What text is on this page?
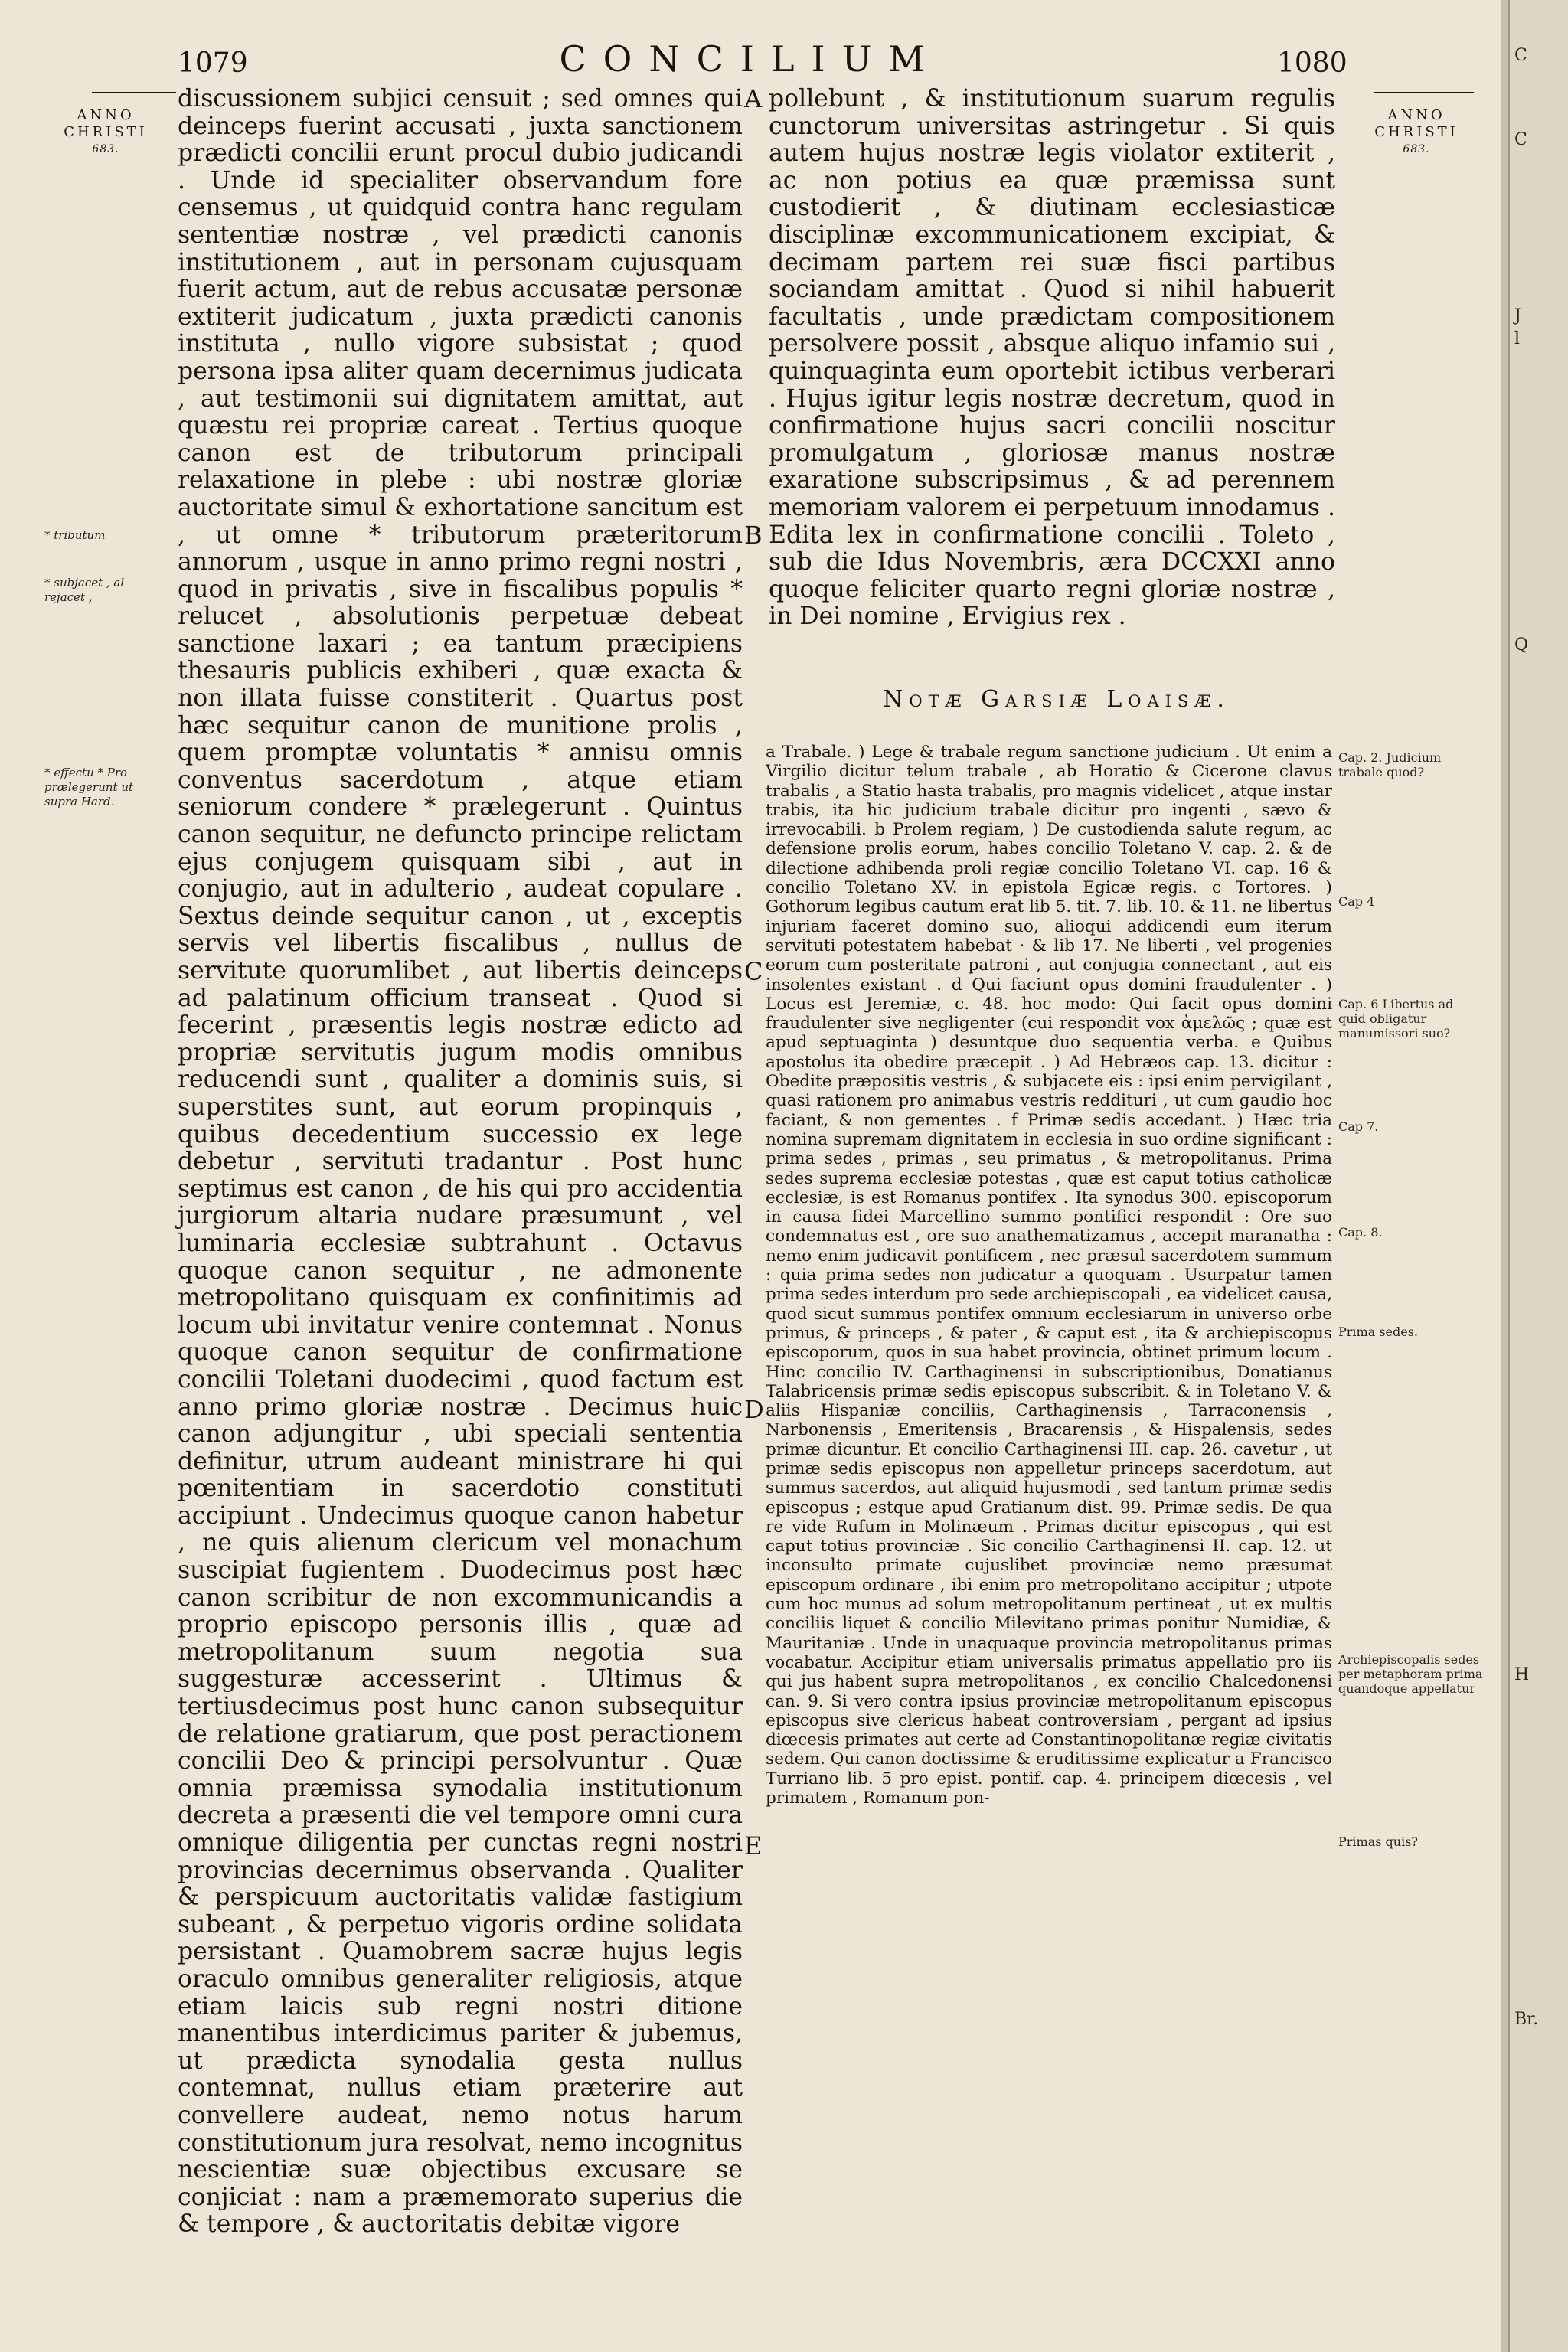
1079	CONCILIUM	1080
ANNO CHRISTI
683.
ANNO CHRISTI
683.

discussionem subjici censuit ; sed omnes qui deinceps fuerint accusati , juxta sanctionem prædicti concilii erunt procul dubio judicandi . Unde id specialiter observandum fore censemus , ut quidquid contra hanc regulam sententiæ nostræ , vel prædicti canonis institutionem , aut in personam cujusquam fuerit actum, aut de rebus accusatæ personæ extiterit judicatum , juxta prædicti canonis instituta , nullo vigore subsistat ; quod persona ipsa aliter quam decernimus judicata , aut testimonii sui dignitatem amittat, aut quæstu rei propriæ careat . Tertius quoque canon est de tributorum principali relaxatione in plebe : ubi nostræ gloriæ auctoritate simul & exhortatione sancitum est , ut omne * tributorum præteritorum annorum , usque in anno primo regni nostri , quod in privatis , sive in fiscalibus populis * relucet , absolutionis perpetuæ debeat sanctione laxari ; ea tantum præcipiens thesauris publicis exhiberi , quæ exacta & non illata fuisse constiterit . Quartus post hæc sequitur canon de munitione prolis , quem promptæ voluntatis * annisu omnis conventus sacerdotum , atque etiam seniorum condere * prælegerunt . Quintus canon sequitur, ne defuncto principe relictam ejus conjugem quisquam sibi , aut in conjugio, aut in adulterio , audeat copulare . Sextus deinde sequitur canon , ut , exceptis servis vel libertis fiscalibus , nullus de servitute quorumlibet , aut libertis deinceps ad palatinum officium transeat . Quod si fecerint , præsentis legis nostræ edicto ad propriæ servitutis jugum modis omnibus reducendi sunt , qualiter a dominis suis, si superstites sunt, aut eorum propinquis , quibus decedentium successio ex lege debetur , servituti tradantur . Post hunc septimus est canon , de his qui pro accidentia jurgiorum altaria nudare præsumunt , vel luminaria ecclesiæ subtrahunt . Octavus quoque canon sequitur , ne admonente metropolitano quisquam ex confinitimis ad locum ubi invitatur venire contemnat . Nonus quoque canon sequitur de confirmatione concilii Toletani duodecimi , quod factum est anno primo gloriæ nostræ . Decimus huic canon adjungitur , ubi speciali sententia definitur, utrum audeant ministrare hi qui pœnitentiam in sacerdotio constituti accipiunt . Undecimus quoque canon habetur , ne quis alienum clericum vel monachum suscipiat fugientem . Duodecimus post hæc canon scribitur de non excommunicandis a proprio episcopo personis illis , quæ ad metropolitanum suum negotia sua suggesturæ accesserint . Ultimus & tertiusdecimus post hunc canon subsequitur de relatione gratiarum, que post peractionem concilii Deo & principi persolvuntur . Quæ omnia præmissa synodalia institutionum decreta a præsenti die vel tempore omni cura omnique diligentia per cunctas regni nostri provincias decernimus observanda . Qualiter & perspicuum auctoritatis validæ fastigium subeant , & perpetuo vigoris ordine solidata persistant . Quamobrem sacræ hujus legis oraculo omnibus generaliter religiosis, atque etiam laicis sub regni nostri ditione manentibus interdicimus pariter & jubemus, ut prædicta synodalia gesta nullus contemnat, nullus etiam præterire aut convellere audeat, nemo notus harum constitutionum jura resolvat, nemo incognitus nescientiæ suæ objectibus excusare se conjiciat : nam a præmemorato superius die & tempore , & auctoritatis debitæ vigore

A
B
C
D
E

pollebunt , & institutionum suarum regulis cunctorum universitas astringetur . Si quis autem hujus nostræ legis violator extiterit , ac non potius ea quæ præmissa sunt custodierit , & diutinam ecclesiasticæ disciplinæ excommunicationem excipiat, & decimam partem rei suæ fisci partibus sociandam amittat . Quod si nihil habuerit facultatis , unde prædictam compositionem persolvere possit , absque aliquo infamio sui , quinquaginta eum oportebit ictibus verberari . Hujus igitur legis nostræ decretum, quod in confirmatione hujus sacri concilii noscitur promulgatum , gloriosæ manus nostræ exaratione subscripsimus , & ad perennem memoriam valorem ei perpetuum innodamus . Edita lex in confirmatione concilii . Toleto , sub die Idus Novembris, æra DCCXXI anno quoque feliciter quarto regni gloriæ nostræ , in Dei nomine , Ervigius rex .

Notæ Garsiæ Loaisæ.

a Trabale. ) Lege & trabale regum sanctione judicium . Ut enim a Virgilio dicitur telum trabale , ab Horatio & Cicerone clavus trabalis , a Statio hasta trabalis, pro magnis videlicet , atque instar trabis, ita hic judicium trabale dicitur pro ingenti , sævo & irrevocabili. b Prolem regiam, ) De custodienda salute regum, ac defensione prolis eorum, habes concilio Toletano V. cap. 2. & de dilectione adhibenda proli regiæ concilio Toletano VI. cap. 16 & concilio Toletano XV. in epistola Egicæ regis. c Tortores. ) Gothorum legibus cautum erat lib 5. tit. 7. lib. 10. & 11. ne libertus injuriam faceret domino suo, alioqui addicendi eum iterum servituti potestatem habebat · & lib 17. Ne liberti , vel progenies eorum cum posteritate patroni , aut conjugia connectant , aut eis insolentes existant . d Qui faciunt opus domini fraudulenter . ) Locus est Jeremiæ, c. 48. hoc modo: Qui facit opus domini fraudulenter sive negligenter (cui respondit vox ἀμελῶς ; quæ est apud septuaginta ) desuntque duo sequentia verba. e Quibus apostolus ita obedire præcepit . ) Ad Hebræos cap. 13. dicitur : Obedite præpositis vestris , & subjacete eis : ipsi enim pervigilant , quasi rationem pro animabus vestris reddituri , ut cum gaudio hoc faciant, & non gementes . f Primæ sedis accedant. ) Hæc tria nomina supremam dignitatem in ecclesia in suo ordine significant : prima sedes , primas , seu primatus , & metropolitanus. Prima sedes suprema ecclesiæ potestas , quæ est caput totius catholicæ ecclesiæ, is est Romanus pontifex . Ita synodus 300. episcoporum in causa fidei Marcellino summo pontifici respondit : Ore suo condemnatus est , ore suo anathematizamus , accepit maranatha : nemo enim judicavit pontificem , nec præsul sacerdotem summum : quia prima sedes non judicatur a quoquam . Usurpatur tamen prima sedes interdum pro sede archiepiscopali , ea videlicet causa, quod sicut summus pontifex omnium ecclesiarum in universo orbe primus, & princeps , & pater , & caput est , ita & archiepiscopus episcoporum, quos in sua habet provincia, obtinet primum locum . Hinc concilio IV. Carthaginensi in subscriptionibus, Donatianus Talabricensis primæ sedis episcopus subscribit. & in Toletano V. & aliis Hispaniæ conciliis, Carthaginensis , Tarraconensis , Narbonensis , Emeritensis , Bracarensis , & Hispalensis, sedes primæ dicuntur. Et concilio Carthaginensi III. cap. 26. cavetur , ut primæ sedis episcopus non appelletur princeps sacerdotum, aut summus sacerdos, aut aliquid hujusmodi , sed tantum primæ sedis episcopus ; estque apud Gratianum dist. 99. Primæ sedis. De qua re vide Rufum in Molinæum . Primas dicitur episcopus , qui est caput totius provinciæ . Sic concilio Carthaginensi II. cap. 12. ut inconsulto primate cujuslibet provinciæ nemo præsumat episcopum ordinare , ibi enim pro metropolitano accipitur ; utpote cum hoc munus ad solum metropolitanum pertineat , ut ex multis conciliis liquet & concilio Milevitano primas ponitur Numidiæ, & Mauritaniæ . Unde in unaquaque provincia metropolitanus primas vocabatur. Accipitur etiam universalis primatus appellatio pro iis qui jus habent supra metropolitanos , ex concilio Chalcedonensi can. 9. Si vero contra ipsius provinciæ metropolitanum episcopus episcopus sive clericus habeat controversiam , pergant ad ipsius diœcesis primates aut certe ad Constantinopolitanæ regiæ civitatis sedem. Qui canon doctissime & eruditissime explicatur a Francisco Turriano lib. 5 pro epist. pontif. cap. 4. principem diœcesis , vel primatem , Romanum pon-

* tributum
* subjacet , al rejacet ,
* effectu * Pro prælegerunt ut supra Hard.
Cap. 2. Judicium trabale quod?
Cap 4
Cap. 6 Libertus ad quid obligatur manumissori suo?
Cap 7.
Cap. 8.
Prima sedes.
Archiepiscopalis sedes per metaphoram prima quandoque appellatur
Primas quis?
C
l
C
J
Q
H
Br.
